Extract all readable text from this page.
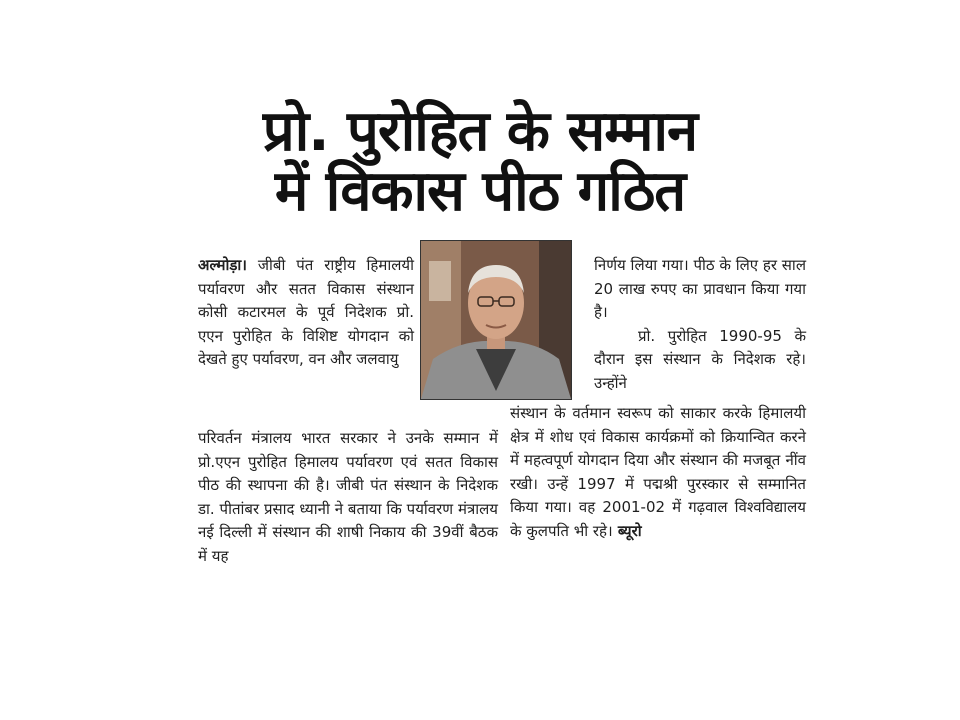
प्रो. पुरोहित के सम्मान
में विकास पीठ गठित

अल्मोड़ा। जीबी पंत राष्ट्रीय हिमालयी पर्यावरण और सतत विकास संस्थान कोसी कटारमल के पूर्व निदेशक प्रो. एएन पुरोहित के विशिष्ट योगदान को देखते हुए पर्यावरण, वन और जलवायु

निर्णय लिया गया। पीठ के लिए हर साल 20 लाख रुपए का प्रावधान किया गया है।

प्रो. पुरोहित 1990-95 के दौरान इस संस्थान के निदेशक रहे। उन्होंने

परिवर्तन मंत्रालय भारत सरकार ने उनके सम्मान में प्रो.एएन पुरोहित हिमालय पर्यावरण एवं सतत विकास पीठ की स्थापना की है। जीबी पंत संस्थान के निदेशक डा. पीतांबर प्रसाद ध्यानी ने बताया कि पर्यावरण मंत्रालय नई दिल्ली में संस्थान की शाषी निकाय की 39वीं बैठक में यह

संस्थान के वर्तमान स्वरूप को साकार करके हिमालयी क्षेत्र में शोध एवं विकास कार्यक्रमों को क्रियान्वित करने में महत्वपूर्ण योगदान दिया और संस्थान की मजबूत नींव रखी। उन्हें 1997 में पद्मश्री पुरस्कार से सम्मानित किया गया। वह 2001-02 में गढ़वाल विश्वविद्यालय के कुलपति भी रहे। ब्यूरो
